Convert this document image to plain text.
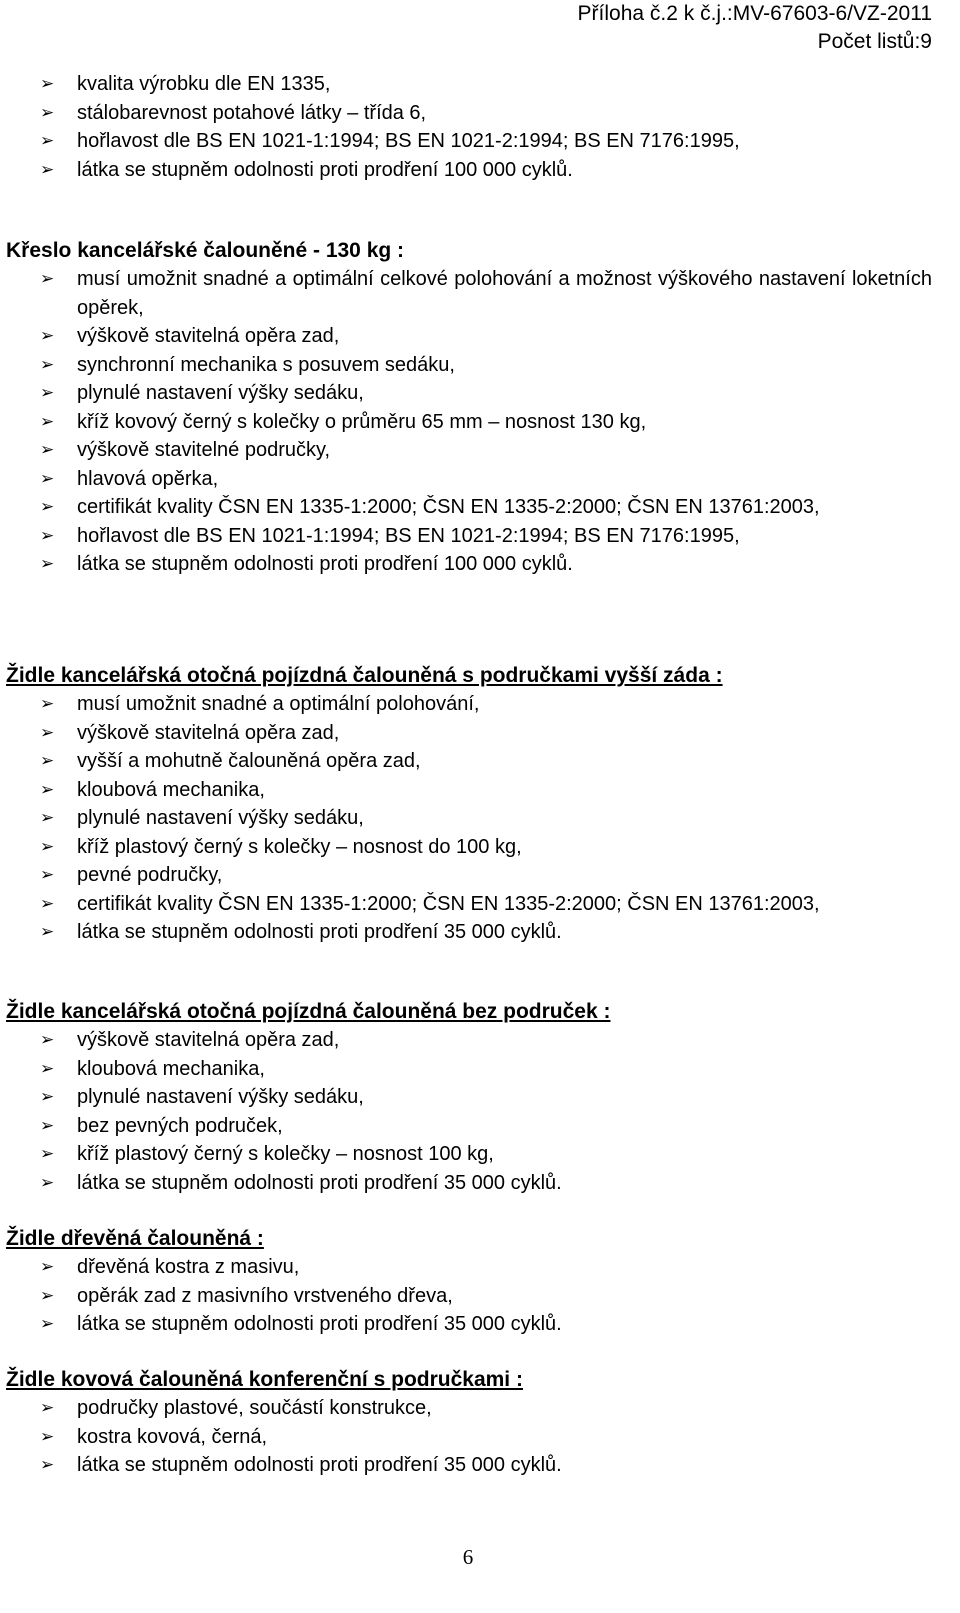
Příloha č.2 k č.j.:MV-67603-6/VZ-2011
Počet listů:9
➢ kvalita výrobku dle EN 1335,
➢ stálobarevnost potahové látky – třída 6,
➢ hořlavost dle BS EN 1021-1:1994; BS EN 1021-2:1994; BS EN 7176:1995,
➢ látka se stupněm odolnosti proti prodření 100 000 cyklů.
Křeslo kancelářské čalouněné - 130 kg :
➢ musí umožnit snadné a optimální celkové polohování a možnost výškového nastavení loketních opěrek,
➢ výškově stavitelná opěra zad,
➢ synchronní mechanika s posuvem sedáku,
➢ plynulé nastavení výšky sedáku,
➢ kříž kovový černý s kolečky o průměru 65 mm – nosnost 130 kg,
➢ výškově stavitelné područky,
➢ hlavová opěrka,
➢ certifikát kvality ČSN EN 1335-1:2000; ČSN EN 1335-2:2000; ČSN EN 13761:2003,
➢ hořlavost dle BS EN 1021-1:1994; BS EN 1021-2:1994; BS EN 7176:1995,
➢ látka se stupněm odolnosti proti prodření 100 000 cyklů.
Židle kancelářská otočná pojízdná čalouněná s područkami vyšší záda :
➢ musí umožnit snadné a optimální polohování,
➢ výškově stavitelná opěra zad,
➢ vyšší a mohutně čalouněná opěra zad,
➢ kloubová mechanika,
➢ plynulé nastavení výšky sedáku,
➢ kříž plastový černý s kolečky – nosnost do 100 kg,
➢ pevné područky,
➢ certifikát kvality ČSN EN 1335-1:2000; ČSN EN 1335-2:2000; ČSN EN 13761:2003,
➢ látka se stupněm odolnosti proti prodření 35 000 cyklů.
Židle kancelářská otočná pojízdná čalouněná bez područek :
➢ výškově stavitelná opěra zad,
➢ kloubová mechanika,
➢ plynulé nastavení výšky sedáku,
➢ bez pevných područek,
➢ kříž plastový černý s kolečky – nosnost 100 kg,
➢ látka se stupněm odolnosti proti prodření 35 000 cyklů.
Židle dřevěná čalouněná :
➢ dřevěná kostra z masivu,
➢ opěrák zad z masivního vrstveného dřeva,
➢ látka se stupněm odolnosti proti prodření 35 000 cyklů.
Židle kovová čalouněná konferenční s područkami :
➢ područky plastové, součástí konstrukce,
➢ kostra kovová, černá,
➢ látka se stupněm odolnosti proti prodření 35 000 cyklů.
6
